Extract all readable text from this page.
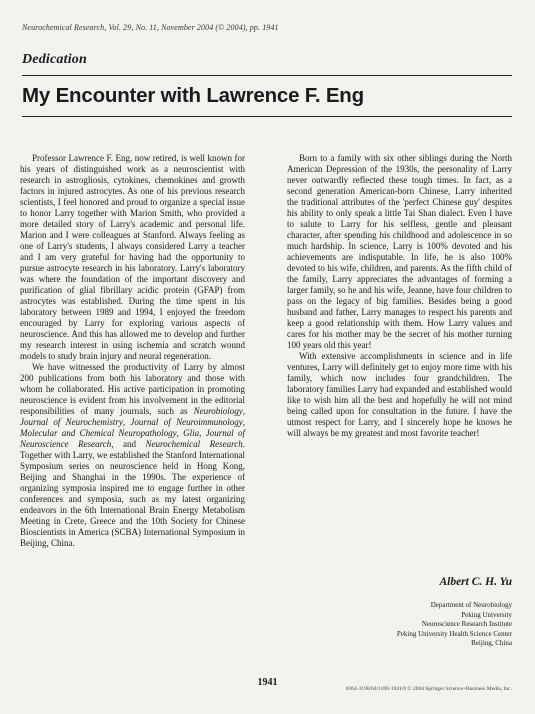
Neurochemical Research, Vol. 29, No. 11, November 2004 (© 2004), pp. 1941
Dedication
My Encounter with Lawrence F. Eng

Professor Lawrence F. Eng, now retired, is well known for his years of distinguished work as a neuroscientist with research in astrogliosis, cytokines, chemokines and growth factors in injured astrocytes. As one of his previous research scientists, I feel honored and proud to organize a special issue to honor Larry together with Marion Smith, who provided a more detailed story of Larry's academic and personal life. Marion and I were colleagues at Stanford. Always feeling as one of Larry's students, I always considered Larry a teacher and I am very grateful for having had the opportunity to pursue astrocyte research in his laboratory. Larry's laboratory was where the foundation of the important discovery and purification of glial fibrillary acidic protein (GFAP) from astrocytes was established. During the time spent in his laboratory between 1989 and 1994, I enjoyed the freedom encouraged by Larry for exploring various aspects of neuroscience. And this has allowed me to develop and further my research interest in using ischemia and scratch wound models to study brain injury and neural regeneration.

We have witnessed the productivity of Larry by almost 200 publications from both his laboratory and those with whom he collaborated. His active participation in promoting neuroscience is evident from his involvement in the editorial responsibilities of many journals, such as Neurobiology, Journal of Neurochemistry, Journal of Neuroimmunology, Molecular and Chemical Neuropathology, Glia, Journal of Neuroscience Research, and Neurochemical Research. Together with Larry, we established the Stanford International Symposium series on neuroscience held in Hong Kong, Beijing and Shanghai in the 1990s. The experience of organizing symposia inspired me to engage further in other conferences and symposia, such as my latest organizing endeavors in the 6th International Brain Energy Metabolism Meeting in Crete, Greece and the 10th Society for Chinese Bioscientists in America (SCBA) International Symposium in Beijing, China.

Born to a family with six other siblings during the North American Depression of the 1930s, the personality of Larry never outwardly reflected these tough times. In fact, as a second generation American-born Chinese, Larry inherited the traditional attributes of the 'perfect Chinese guy' despites his ability to only speak a little Tai Shan dialect. Even I have to salute to Larry for his selfless, gentle and pleasant character, after spending his childhood and adolescence in so much hardship. In science, Larry is 100% devoted and his achievements are indisputable. In life, he is also 100% devoted to his wife, children, and parents. As the fifth child of the family, Larry appreciates the advantages of forming a larger family, so he and his wife, Jeanne, have four children to pass on the legacy of big families. Besides being a good husband and father, Larry manages to respect his parents and keep a good relationship with them. How Larry values and cares for his mother may be the secret of his mother turning 100 years old this year!

With extensive accomplishments in science and in life ventures, Larry will definitely get to enjoy more time with his family, which now includes four grandchildren. The laboratory families Larry had expanded and established would like to wish him all the best and hopefully he will not mind being called upon for consultation in the future. I have the utmost respect for Larry, and I sincerely hope he knows he will always be my greatest and most favorite teacher!

Albert C. H. Yu
Department of Neurobiology
Peking University
Neuroscience Research Institute
Peking University Health Science Center
Beijing, China
1941
0364-3190/04/1100-1941/0 © 2004 Springer Science+Business Media, Inc.
